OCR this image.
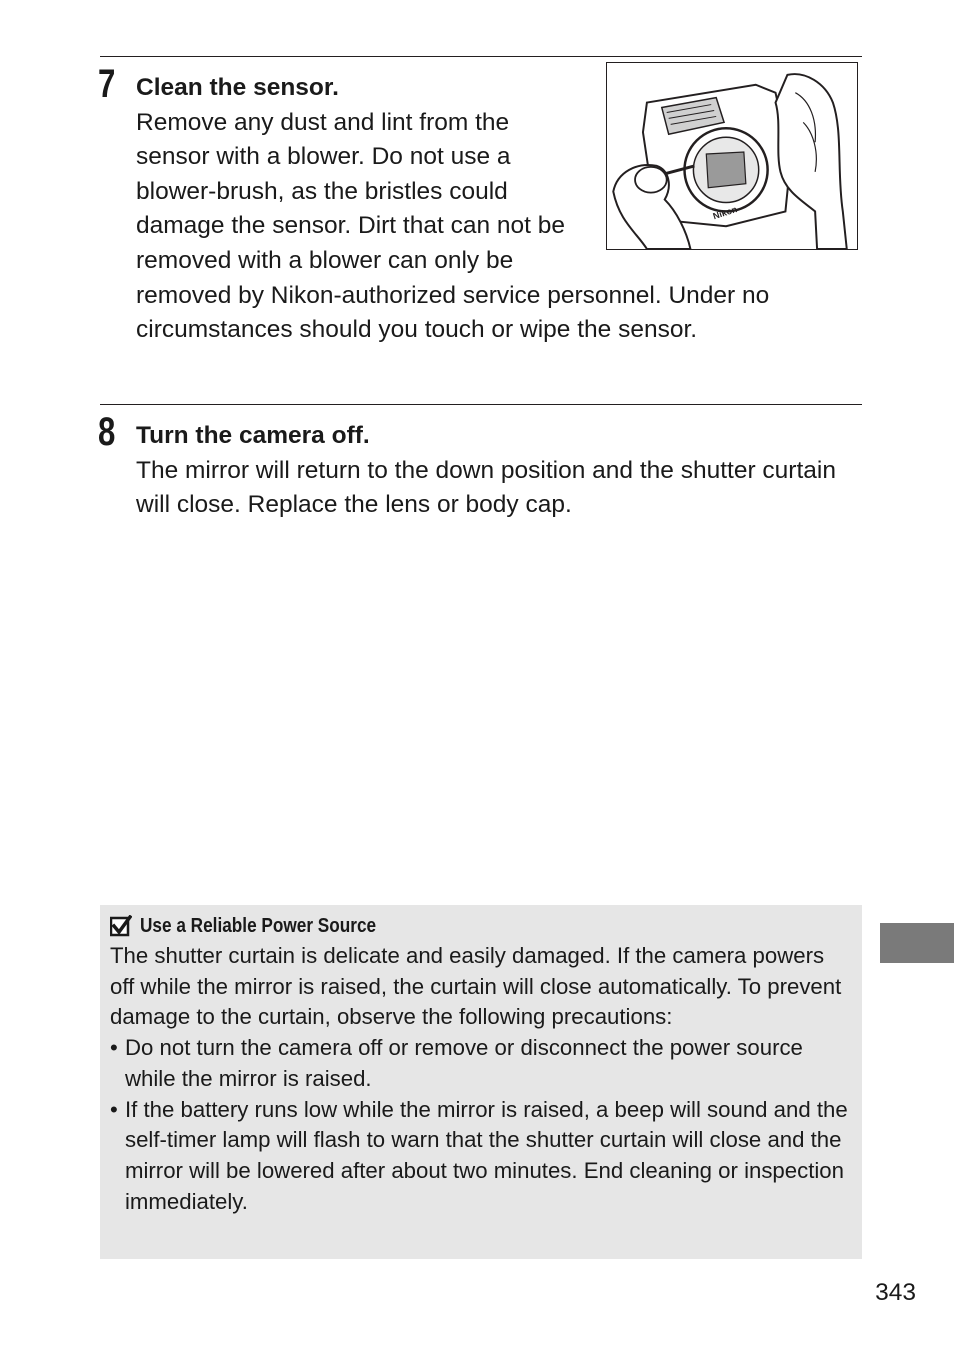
7
Nikon
Clean the sensor.
Remove any dust and lint from the sensor with a blower. Do not use a blower-brush, as the bristles could damage the sensor. Dirt that can not be removed with a blower can only be removed by Nikon-authorized service personnel. Under no circumstances should you touch or wipe the sensor.
8 Turn the camera off.
The mirror will return to the down position and the shutter curtain will close. Replace the lens or body cap.
Use a Reliable Power Source
The shutter curtain is delicate and easily damaged. If the camera powers off while the mirror is raised, the curtain will close automatically. To prevent damage to the curtain, observe the following precautions:
• Do not turn the camera off or remove or disconnect the power source while the mirror is raised.
• If the battery runs low while the mirror is raised, a beep will sound and the self-timer lamp will flash to warn that the shutter curtain will close and the mirror will be lowered after about two minutes. End cleaning or inspection immediately.
343
